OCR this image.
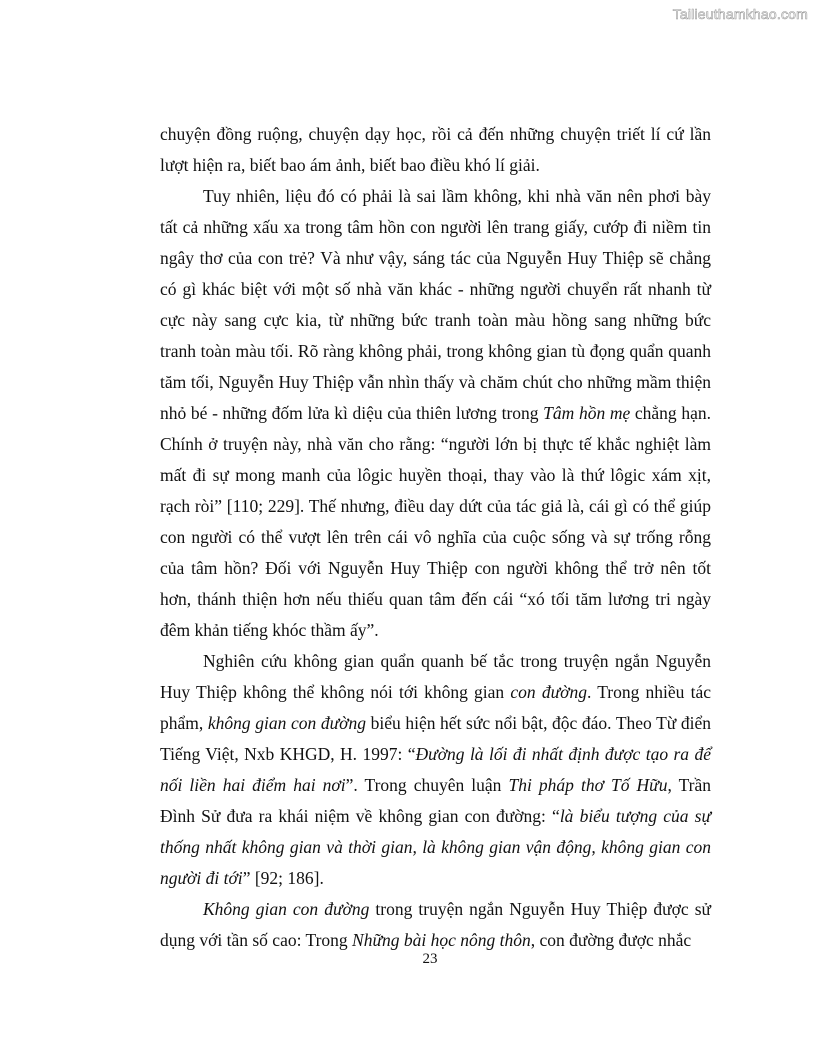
Tailieuthamkhao.com

chuyện đồng ruộng, chuyện dạy học, rồi cả đến những chuyện triết lí cứ lần lượt hiện ra, biết bao ám ảnh, biết bao điều khó lí giải.

Tuy nhiên, liệu đó có phải là sai lầm không, khi nhà văn nên phơi bày tất cả những xấu xa trong tâm hồn con người lên trang giấy, cướp đi niềm tin ngây thơ của con trẻ? Và như vậy, sáng tác của Nguyễn Huy Thiệp sẽ chẳng có gì khác biệt với một số nhà văn khác - những người chuyển rất nhanh từ cực này sang cực kia, từ những bức tranh toàn màu hồng sang những bức tranh toàn màu tối. Rõ ràng không phải, trong không gian tù đọng quẩn quanh tăm tối, Nguyễn Huy Thiệp vẫn nhìn thấy và chăm chút cho những mầm thiện nhỏ bé - những đốm lửa kì diệu của thiên lương trong Tâm hồn mẹ chẳng hạn. Chính ở truyện này, nhà văn cho rằng: “người lớn bị thực tế khắc nghiệt làm mất đi sự mong manh của lôgic huyền thoại, thay vào là thứ lôgic xám xịt, rạch ròi” [110; 229]. Thế nhưng, điều day dứt của tác giả là, cái gì có thể giúp con người có thể vượt lên trên cái vô nghĩa của cuộc sống và sự trống rỗng của tâm hồn? Đối với Nguyễn Huy Thiệp con người không thể trở nên tốt hơn, thánh thiện hơn nếu thiếu quan tâm đến cái “xó tối tăm lương tri ngày đêm khản tiếng khóc thầm ấy”.

Nghiên cứu không gian quẩn quanh bế tắc trong truyện ngắn Nguyễn Huy Thiệp không thể không nói tới không gian con đường. Trong nhiều tác phẩm, không gian con đường biểu hiện hết sức nổi bật, độc đáo. Theo Từ điển Tiếng Việt, Nxb KHGD, H. 1997: “Đường là lối đi nhất định được tạo ra để nối liền hai điểm hai nơi”. Trong chuyên luận Thi pháp thơ Tố Hữu, Trần Đình Sử đưa ra khái niệm về không gian con đường: “là biểu tượng của sự thống nhất không gian và thời gian, là không gian vận động, không gian con người đi tới” [92; 186].

Không gian con đường trong truyện ngắn Nguyễn Huy Thiệp được sử dụng với tần số cao: Trong Những bài học nông thôn, con đường được nhắc

23
